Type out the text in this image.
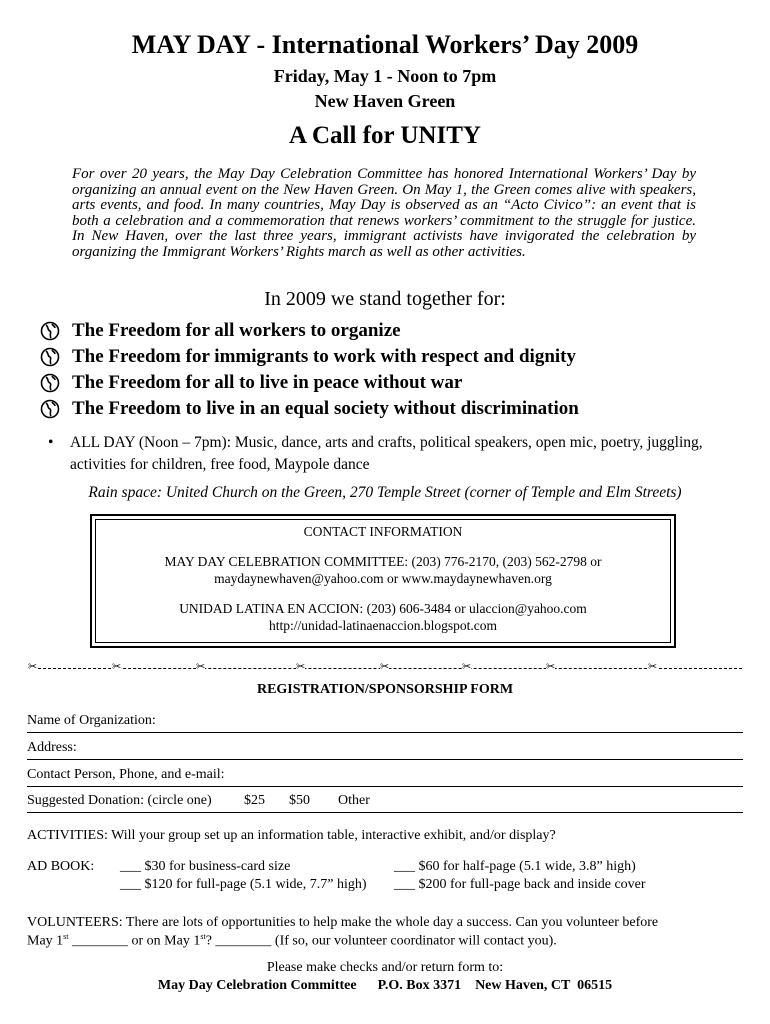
MAY DAY - International Workers’ Day 2009
Friday, May 1 - Noon to 7pm
New Haven Green
A Call for UNITY
For over 20 years, the May Day Celebration Committee has honored International Workers’ Day by organizing an annual event on the New Haven Green. On May 1, the Green comes alive with speakers, arts events, and food. In many countries, May Day is observed as an “Acto Civico”: an event that is both a celebration and a commemoration that renews workers’ commitment to the struggle for justice. In New Haven, over the last three years, immigrant activists have invigorated the celebration by organizing the Immigrant Workers’ Rights march as well as other activities.
In 2009 we stand together for:
The Freedom for all workers to organize
The Freedom for immigrants to work with respect and dignity
The Freedom for all to live in peace without war
The Freedom to live in an equal society without discrimination
• ALL DAY (Noon – 7pm): Music, dance, arts and crafts, political speakers, open mic, poetry, juggling, activities for children, free food, Maypole dance
Rain space: United Church on the Green, 270 Temple Street (corner of Temple and Elm Streets)
CONTACT INFORMATION
MAY DAY CELEBRATION COMMITTEE: (203) 776-2170, (203) 562-2798 or
maydaynewhaven@yahoo.com or www.maydaynewhaven.org
UNIDAD LATINA EN ACCION: (203) 606-3484 or ulaccion@yahoo.com
http://unidad-latinaenaccion.blogspot.com
✂	✂	✂	✂	✂	✂	✂	✂
REGISTRATION/SPONSORSHIP FORM
Name of Organization:
Address:
Contact Person, Phone, and e-mail:
Suggested Donation: (circle one) $25 $50 Other
ACTIVITIES: Will your group set up an information table, interactive exhibit, and/or display?
AD BOOK: ___ $30 for business-card size	___ $60 for half-page (5.1 wide, 3.8” high)
___ $120 for full-page (5.1 wide, 7.7” high) ___ $200 for full-page back and inside cover
VOLUNTEERS: There are lots of opportunities to help make the whole day a success. Can you volunteer before
May 1st ________ or on May 1st? ________ (If so, our volunteer coordinator will contact you).
Please make checks and/or return form to:
May Day Celebration Committee      P.O. Box 3371    New Haven, CT  06515
